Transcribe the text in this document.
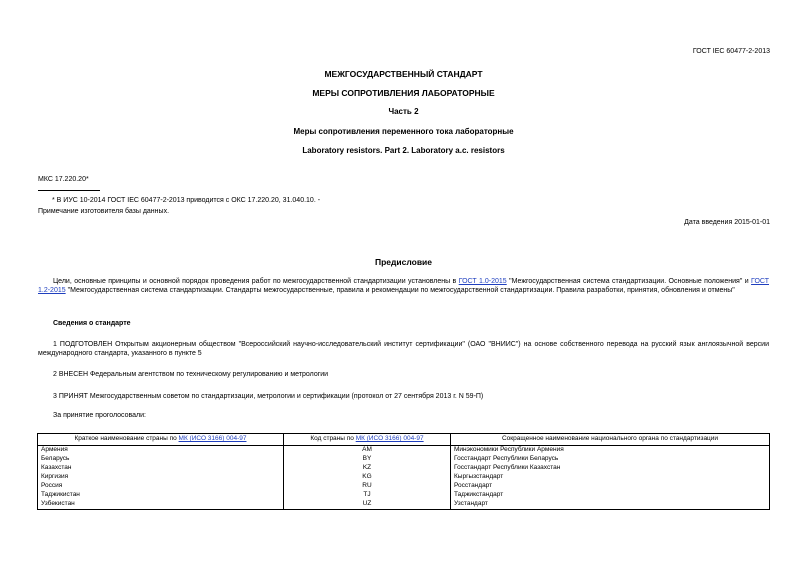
ГОСТ IEC 60477-2-2013
МЕЖГОСУДАРСТВЕННЫЙ СТАНДАРТ
МЕРЫ СОПРОТИВЛЕНИЯ ЛАБОРАТОРНЫЕ
Часть 2
Меры сопротивления переменного тока лабораторные
Laboratory resistors. Part 2. Laboratory a.c. resistors
МКС 17.220.20*
* В ИУС 10-2014 ГОСТ IEC 60477-2-2013 приводится с ОКС 17.220.20, 31.040.10. -
Примечание изготовителя базы данных.
Дата введения 2015-01-01
Предисловие
Цели, основные принципы и основной порядок проведения работ по межгосударственной стандартизации установлены в ГОСТ 1.0-2015 "Межгосударственная система стандартизации. Основные положения" и ГОСТ 1.2-2015 "Межгосударственная система стандартизации. Стандарты межгосударственные, правила и рекомендации по межгосударственной стандартизации. Правила разработки, принятия, обновления и отмены"
Сведения о стандарте
1 ПОДГОТОВЛЕН Открытым акционерным обществом "Всероссийский научно-исследовательский институт сертификации" (ОАО "ВНИИС") на основе собственного перевода на русский язык англоязычной версии международного стандарта, указанного в пункте 5
2 ВНЕСЕН Федеральным агентством по техническому регулированию и метрологии
3 ПРИНЯТ Межгосударственным советом по стандартизации, метрологии и сертификации (протокол от 27 сентября 2013 г. N 59-П)
За принятие проголосовали:
Краткое наименование страны по МК (ИСО 3166) 004-97	Код страны по МК (ИСО 3166) 004-97	Сокращенное наименование национального органа по стандартизации
Армения	AM	Минэкономики Республики Армения
Беларусь	BY	Госстандарт Республики Беларусь
Казахстан	KZ	Госстандарт Республики Казахстан
Киргизия	KG	Кыргызстандарт
Россия	RU	Росстандарт
Таджикистан	TJ	Таджикстандарт
Узбекистан	UZ	Узстандарт
